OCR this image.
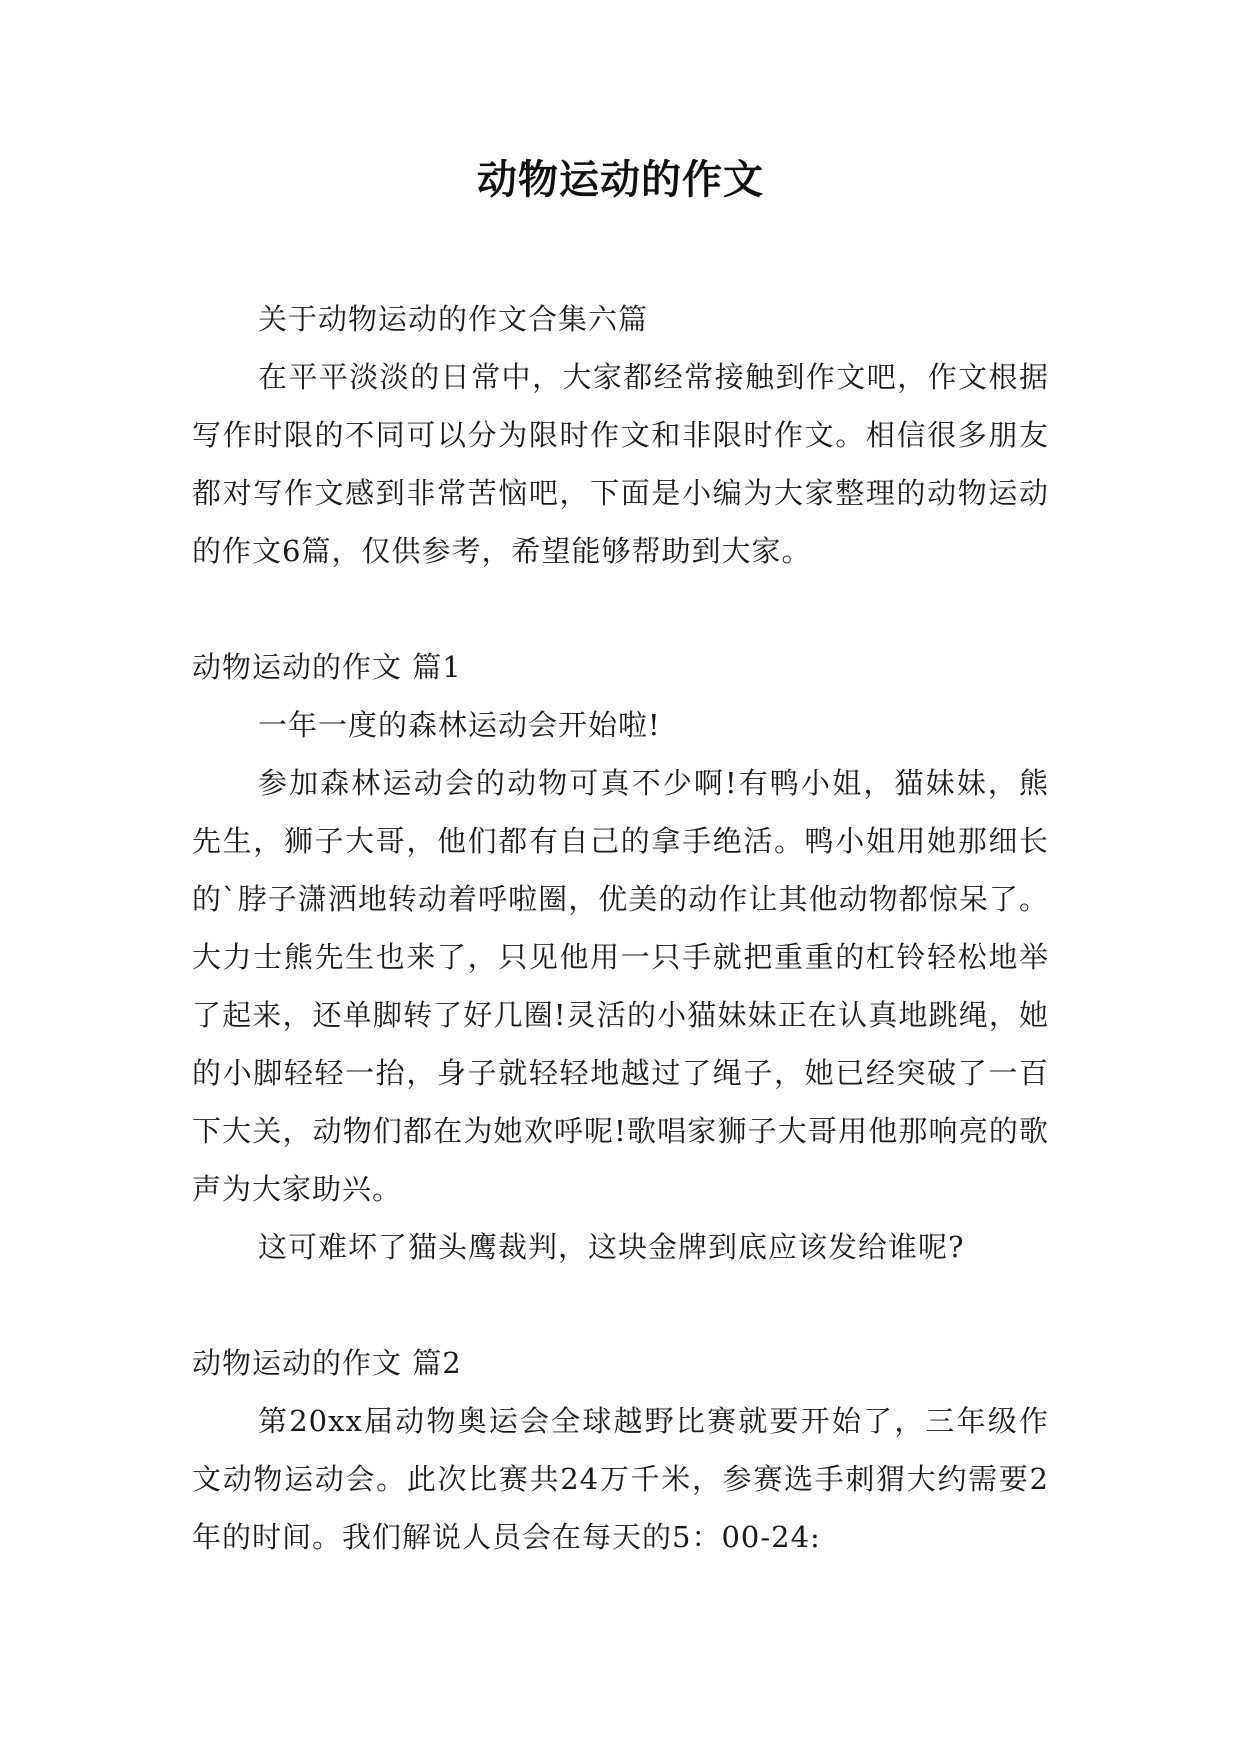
动物运动的作文

关于动物运动的作文合集六篇

在平平淡淡的日常中，大家都经常接触到作文吧，作文根据写作时限的不同可以分为限时作文和非限时作文。相信很多朋友都对写作文感到非常苦恼吧，下面是小编为大家整理的动物运动的作文6篇，仅供参考，希望能够帮助到大家。

动物运动的作文 篇1

一年一度的森林运动会开始啦!

参加森林运动会的动物可真不少啊!有鸭小姐，猫妹妹，熊先生，狮子大哥，他们都有自己的拿手绝活。鸭小姐用她那细长的`脖子潇洒地转动着呼啦圈，优美的动作让其他动物都惊呆了。大力士熊先生也来了，只见他用一只手就把重重的杠铃轻松地举了起来，还单脚转了好几圈!灵活的小猫妹妹正在认真地跳绳，她的小脚轻轻一抬，身子就轻轻地越过了绳子，她已经突破了一百下大关，动物们都在为她欢呼呢!歌唱家狮子大哥用他那响亮的歌声为大家助兴。

这可难坏了猫头鹰裁判，这块金牌到底应该发给谁呢?

动物运动的作文 篇2

第20xx届动物奥运会全球越野比赛就要开始了，三年级作文动物运动会。此次比赛共24万千米，参赛选手刺猬大约需要2年的时间。我们解说人员会在每天的5：00-24:
